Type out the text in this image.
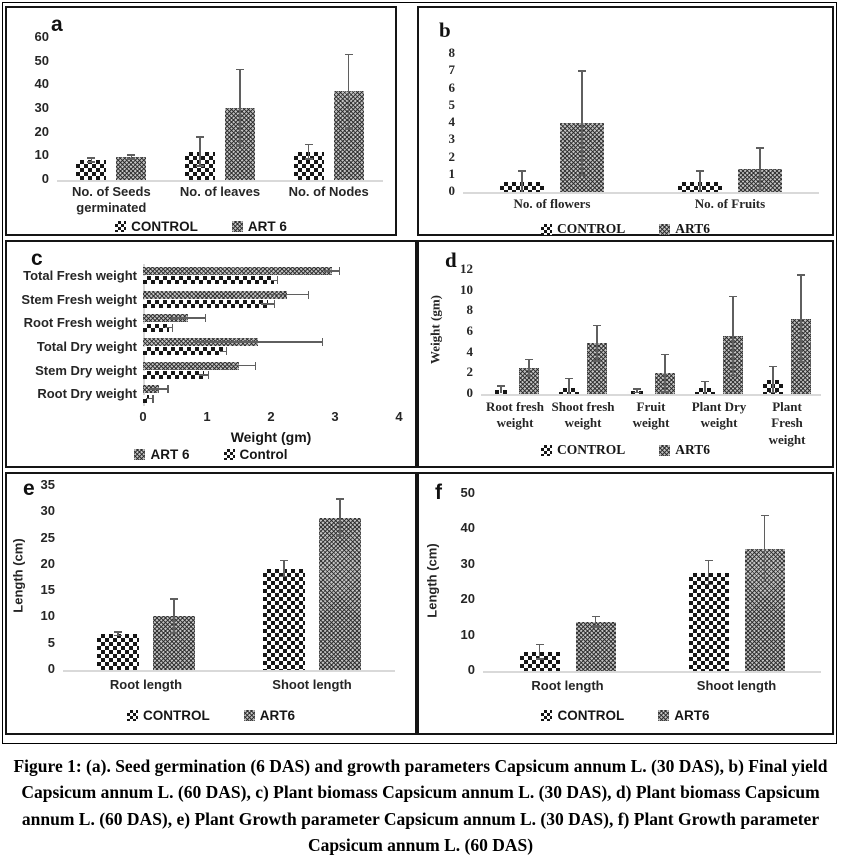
a
0
10
20
30
40
50
60
No. of Seeds germinated
No. of leaves	No. of Nodes
CONTROL	ART 6
b
0
1
2
3
4
5
6
7
8
No. of flowers	No. of Fruits
CONTROL	ART6
c
Total Fresh weight
Stem Fresh weight
Root Fresh weight
Total Dry weight
Stem Dry weight
Root Dry weight
0	1	2	3	4
Weight (gm)
ART 6	Control
d
Weight (gm)
0
2
4
6
8
10
12
Root fresh weight
Shoot fresh weight
Fruit weight
Plant Dry weight
Plant Fresh weight
CONTROL	ART6
e
Length (cm)
0
5
10
15
20
25
30
35
Root length	Shoot length
CONTROL	ART6
f
Length (cm)
0
10
20
30
40
50
Root length	Shoot length
CONTROL	ART6
Figure 1: (a). Seed germination (6 DAS) and growth parameters Capsicum annum L. (30 DAS), b) Final yield Capsicum annum L. (60 DAS), c) Plant biomass Capsicum annum L. (30 DAS), d) Plant biomass Capsicum annum L. (60 DAS), e) Plant Growth parameter Capsicum annum L. (30 DAS), f) Plant Growth parameter Capsicum annum L. (60 DAS)
